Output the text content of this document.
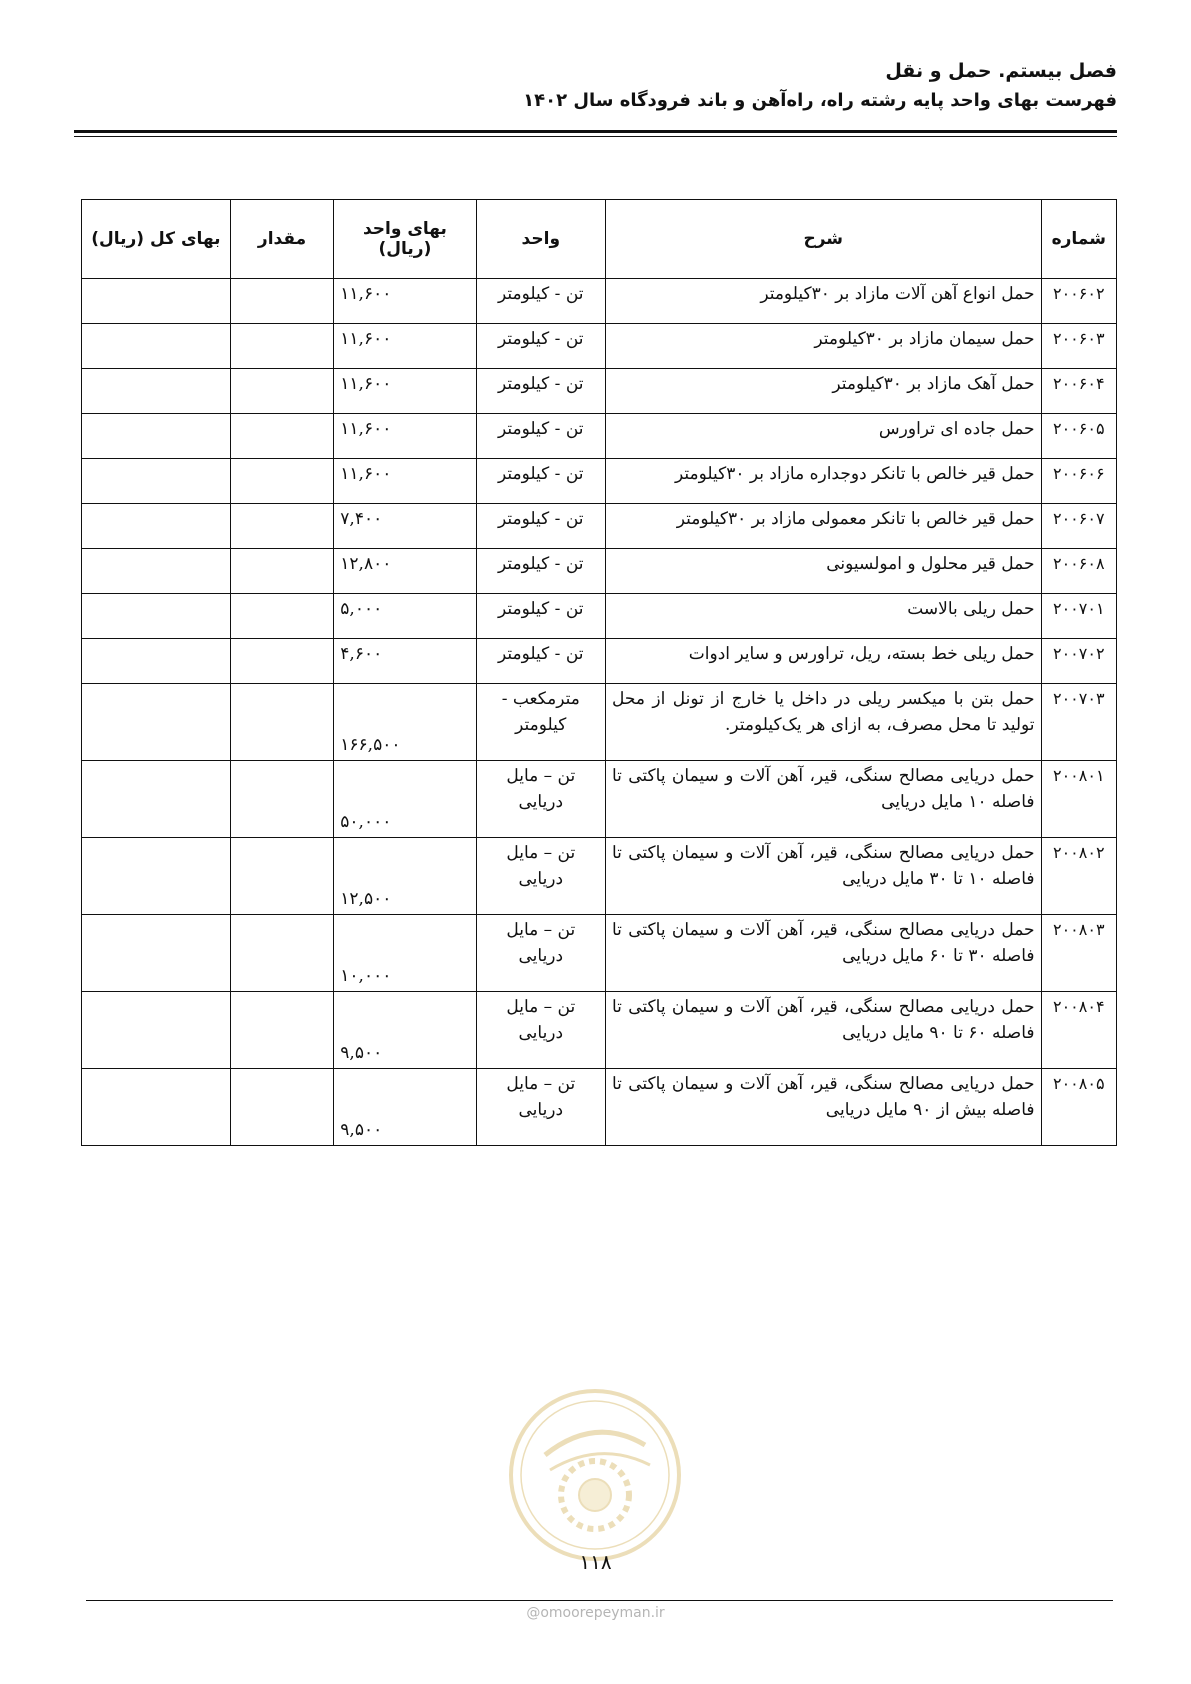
فصل بیستم. حمل و نقل
فهرست بهای واحد پایه رشته راه، راه‌آهن و باند فرودگاه سال ۱۴۰۲
شماره	شرح	واحد	بهای واحد (ریال)	مقدار	بهای کل (ریال)
۲۰۰۶۰۲	حمل انواع آهن آلات مازاد بر ۳۰کیلومتر	تن - کیلومتر	۱۱,۶۰۰		
۲۰۰۶۰۳	حمل سیمان مازاد بر ۳۰کیلومتر	تن - کیلومتر	۱۱,۶۰۰		
۲۰۰۶۰۴	حمل آهک مازاد بر ۳۰کیلومتر	تن - کیلومتر	۱۱,۶۰۰		
۲۰۰۶۰۵	حمل جاده ای تراورس	تن - کیلومتر	۱۱,۶۰۰		
۲۰۰۶۰۶	حمل قیر خالص با تانکر دوجداره مازاد بر ۳۰کیلومتر	تن - کیلومتر	۱۱,۶۰۰		
۲۰۰۶۰۷	حمل قیر خالص با تانکر معمولی مازاد بر ۳۰کیلومتر	تن - کیلومتر	۷,۴۰۰		
۲۰۰۶۰۸	حمل قیر محلول و امولسیونی	تن - کیلومتر	۱۲,۸۰۰		
۲۰۰۷۰۱	حمل ریلی بالاست	تن - کیلومتر	۵,۰۰۰		
۲۰۰۷۰۲	حمل ریلی خط بسته، ریل، تراورس و سایر ادوات	تن - کیلومتر	۴,۶۰۰		
۲۰۰۷۰۳	حمل بتن با میکسر ریلی در داخل یا خارج از تونل از محل تولید تا محل مصرف، به ازای هر یک‌کیلومتر.	مترمکعب - کیلومتر	۱۶۶,۵۰۰		
۲۰۰۸۰۱	حمل دریایی مصالح سنگی، قیر، آهن آلات و سیمان پاکتی تا فاصله ۱۰ مایل دریایی	تن – مایل دریایی	۵۰,۰۰۰		
۲۰۰۸۰۲	حمل دریایی مصالح سنگی، قیر، آهن آلات و سیمان پاکتی تا فاصله ۱۰ تا ۳۰ مایل دریایی	تن – مایل دریایی	۱۲,۵۰۰		
۲۰۰۸۰۳	حمل دریایی مصالح سنگی، قیر، آهن آلات و سیمان پاکتی تا فاصله ۳۰ تا ۶۰ مایل دریایی	تن – مایل دریایی	۱۰,۰۰۰		
۲۰۰۸۰۴	حمل دریایی مصالح سنگی، قیر، آهن آلات و سیمان پاکتی تا فاصله ۶۰ تا ۹۰ مایل دریایی	تن – مایل دریایی	۹,۵۰۰		
۲۰۰۸۰۵	حمل دریایی مصالح سنگی، قیر، آهن آلات و سیمان پاکتی تا فاصله بیش از ۹۰ مایل دریایی	تن – مایل دریایی	۹,۵۰۰		
۱۱۸
@omoorepeyman.ir
